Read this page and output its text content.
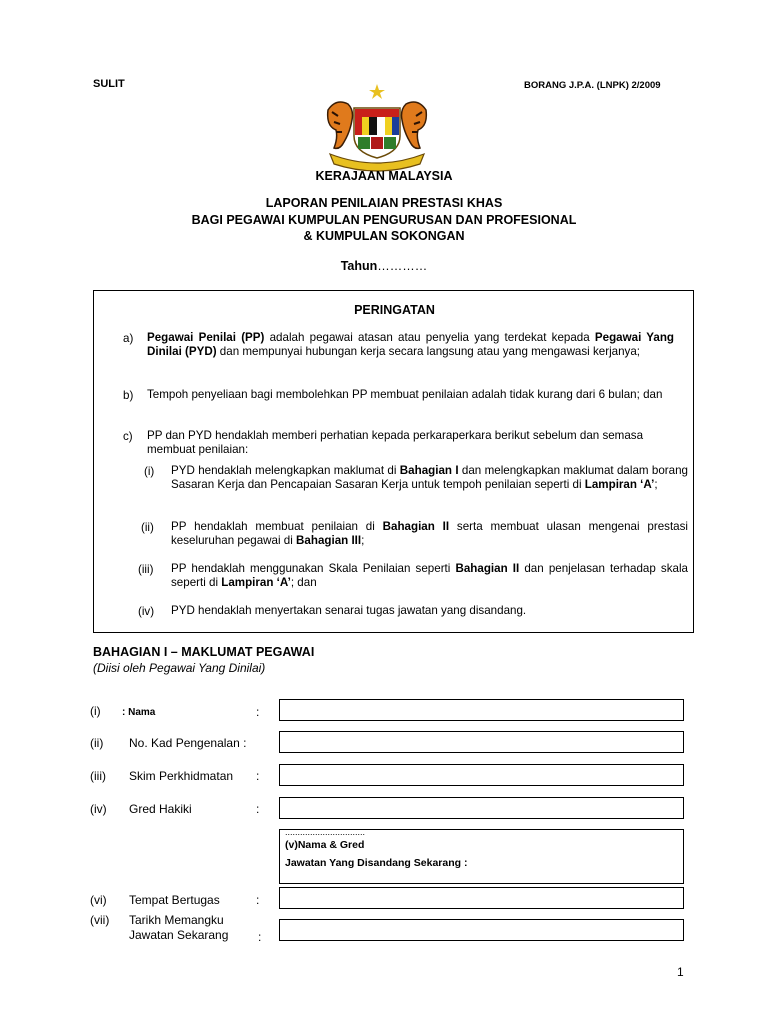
SULIT	BORANG J.P.A. (LNPK) 2/2009
KERAJAAN MALAYSIA
LAPORAN PENILAIAN PRESTASI KHAS
BAGI PEGAWAI KUMPULAN PENGURUSAN DAN PROFESIONAL
& KUMPULAN SOKONGAN
Tahun…………
PERINGATAN
a) Pegawai Penilai (PP) adalah pegawai atasan atau penyelia yang terdekat kepada Pegawai Yang Dinilai (PYD) dan mempunyai hubungan kerja secara langsung atau yang mengawasi kerjanya;
b) Tempoh penyeliaan bagi membolehkan PP membuat penilaian adalah tidak kurang dari 6 bulan; dan
c) PP dan PYD hendaklah memberi perhatian kepada perkaraperkara berikut sebelum dan semasa membuat penilaian:
(i) PYD hendaklah melengkapkan maklumat di Bahagian I dan melengkapkan maklumat dalam borang Sasaran Kerja dan Pencapaian Sasaran Kerja untuk tempoh penilaian seperti di Lampiran ‘A’;
(ii) PP hendaklah membuat penilaian di Bahagian II serta membuat ulasan mengenai prestasi keseluruhan pegawai di Bahagian III;
(iii) PP hendaklah menggunakan Skala Penilaian seperti Bahagian II dan penjelasan terhadap skala seperti di Lampiran ‘A’; dan
(iv) PYD hendaklah menyertakan senarai tugas jawatan yang disandang.
BAHAGIAN I – MAKLUMAT PEGAWAI
(Diisi oleh Pegawai Yang Dinilai)
(i) : Nama	:
(ii) No. Kad Pengenalan :
(iii) Skim Perkhidmatan :
(iv) Gred Hakiki	:
................................
(v)Nama & Gred
Jawatan Yang Disandang Sekarang :
(vi) Tempat Bertugas	:
(vii) Tarikh Memangku
Jawatan Sekarang :
1
